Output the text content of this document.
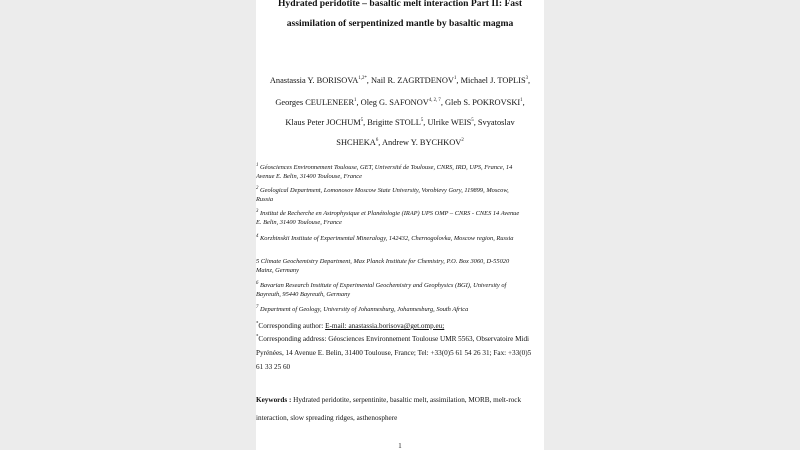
Hydrated peridotite – basaltic melt interaction Part II: Fast

assimilation of serpentinized mantle by basaltic magma

Anastassia Y. $BORISOVA^{1,2*}$, Nail R. ZAGRTDENOV$^1$, Michael J. TOPLIS$^3$,
Georges CEULENEER$^1$, Oleg G. SAFONOV$^{4, 2, 7}$, Gleb S. POKROVSKI$^1$,
Klaus Peter JOCHUM$^5$, Brigitte STOLL$^5$, Ulrike WEIS$^5$, Svyatoslav
SHCHEKA$^6$, Andrew Y. BYCHKOV$^2$

$^1$ Géosciences Environnement Toulouse, GET, Université de Toulouse, CNRS, IRD, UPS, France, 14

Avenue E. Belin, 31400 Toulouse, France

$^2$ Geological Department, Lomonosov Moscow State University, Vorobievy Gory, 119899, Moscow,

Russia

$^3$ Institut de Recherche en Astrophysique et Planétologie (IRAP) UPS OMP – CNRS - CNES 14 Avenue

E. Belin, 31400 Toulouse, France

$^4$ Korzhinskii Institute of Experimental Mineralogy, 142432, Chernogolovka, Moscow region, Russia

5 Climate Geochemistry Department, Max Planck Institute for Chemistry, P.O. Box 3060, D-55020

Mainz, Germany

$^6$ Bavarian Research Institute of Experimental Geochemistry and Geophysics (BGI), University of

Bayreuth, 95440 Bayreuth, Germany

$^7$ Department of Geology, University of Johannesburg, Johannesburg, South Africa

*Corresponding author: E-mail: anastassia.borisova@get.omp.eu;
*Corresponding address: Géosciences Environnement Toulouse UMR 5563, Observatoire Midi
Pyrénées, 14 Avenue E. Belin, 31400 Toulouse, France; Tel: +33(0)5 61 54 26 31; Fax: +33(0)5
61 33 25 60
Keywords : Hydrated peridotite, serpentinite, basaltic melt, assimilation, MORB, melt-rock
interaction, slow spreading ridges, asthenosphere
1
